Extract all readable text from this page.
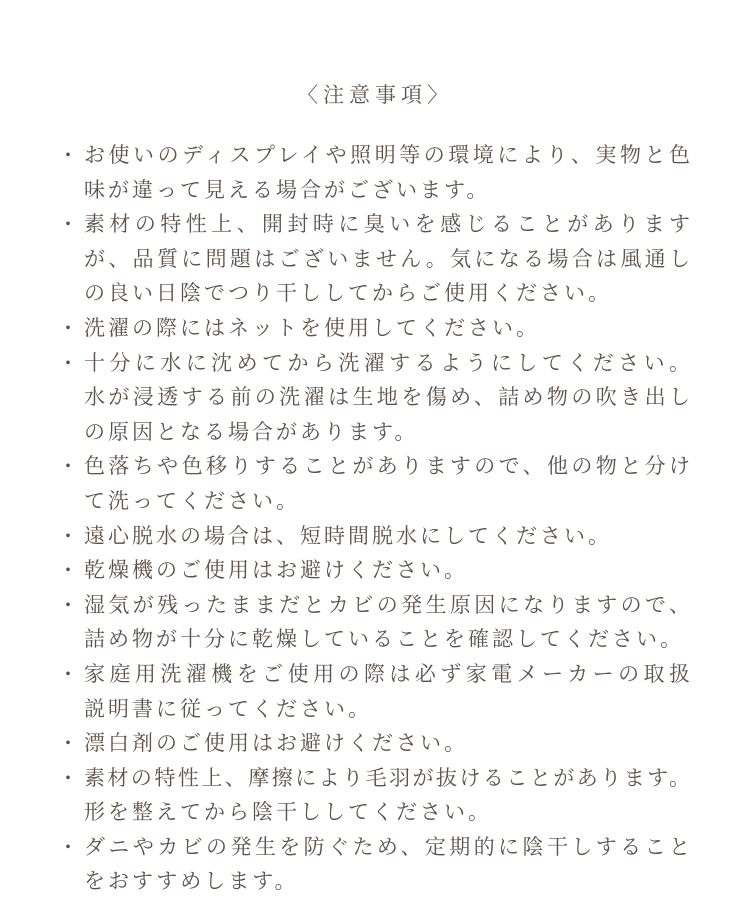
〈注意事項〉
・ お使いのディスプレイや照明等の環境により、実物と色
味が違って見える場合がございます。
・ 素材の特性上、開封時に臭いを感じることがあります
が、品質に問題はございません。気になる場合は風通し
の良い日陰でつり干ししてからご使用ください。
・ 洗濯の際にはネットを使用してください。
・ 十分に水に沈めてから洗濯するようにしてください。
水が浸透する前の洗濯は生地を傷め、詰め物の吹き出し
の原因となる場合があります。
・ 色落ちや色移りすることがありますので、他の物と分け
て洗ってください。
・ 遠心脱水の場合は、短時間脱水にしてください。
・ 乾燥機のご使用はお避けください。
・ 湿気が残ったままだとカビの発生原因になりますので、
詰め物が十分に乾燥していることを確認してください。
・ 家庭用洗濯機をご使用の際は必ず家電メーカーの取扱
説明書に従ってください。
・ 漂白剤のご使用はお避けください。
・ 素材の特性上、摩擦により毛羽が抜けることがあります。
形を整えてから陰干ししてください。
・ ダニやカビの発生を防ぐため、定期的に陰干しすること
をおすすめします。
